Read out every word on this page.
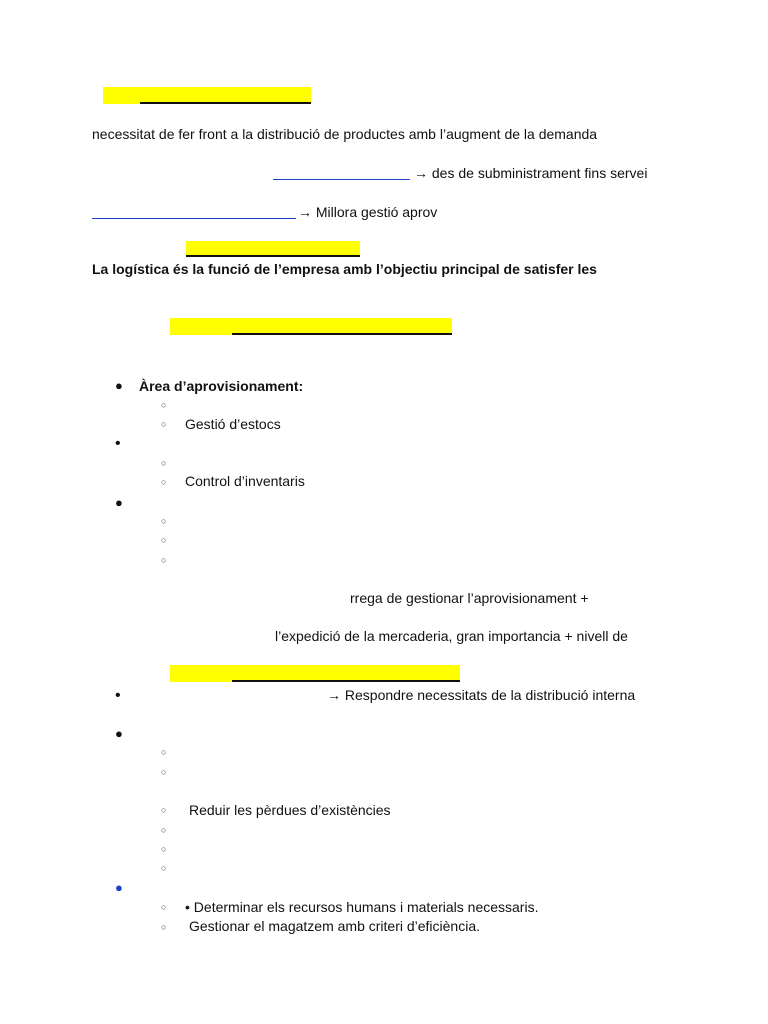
necessitat de fer front a la distribució de productes amb l’augment de la demanda
→ des de subministrament fins servei
→ Millora gestió aprov
La logística és la funció de l’empresa amb l’objectiu principal de satisfer les
● Àrea d’aprovisionament:
○
○ Gestió d’estocs
•
○
○ Control d’inventaris
●
○
○
○
rrega de gestionar l’aprovisionament +
l’expedició de la mercaderia, gran importancia + nivell de
•	→ Respondre necessitats de la distribució interna
●
○
○
○ Reduir les pèrdues d’existències
○
○
○
●
○ • Determinar els recursos humans i materials necessaris.
○ Gestionar el magatzem amb criteri d’eficiència.
